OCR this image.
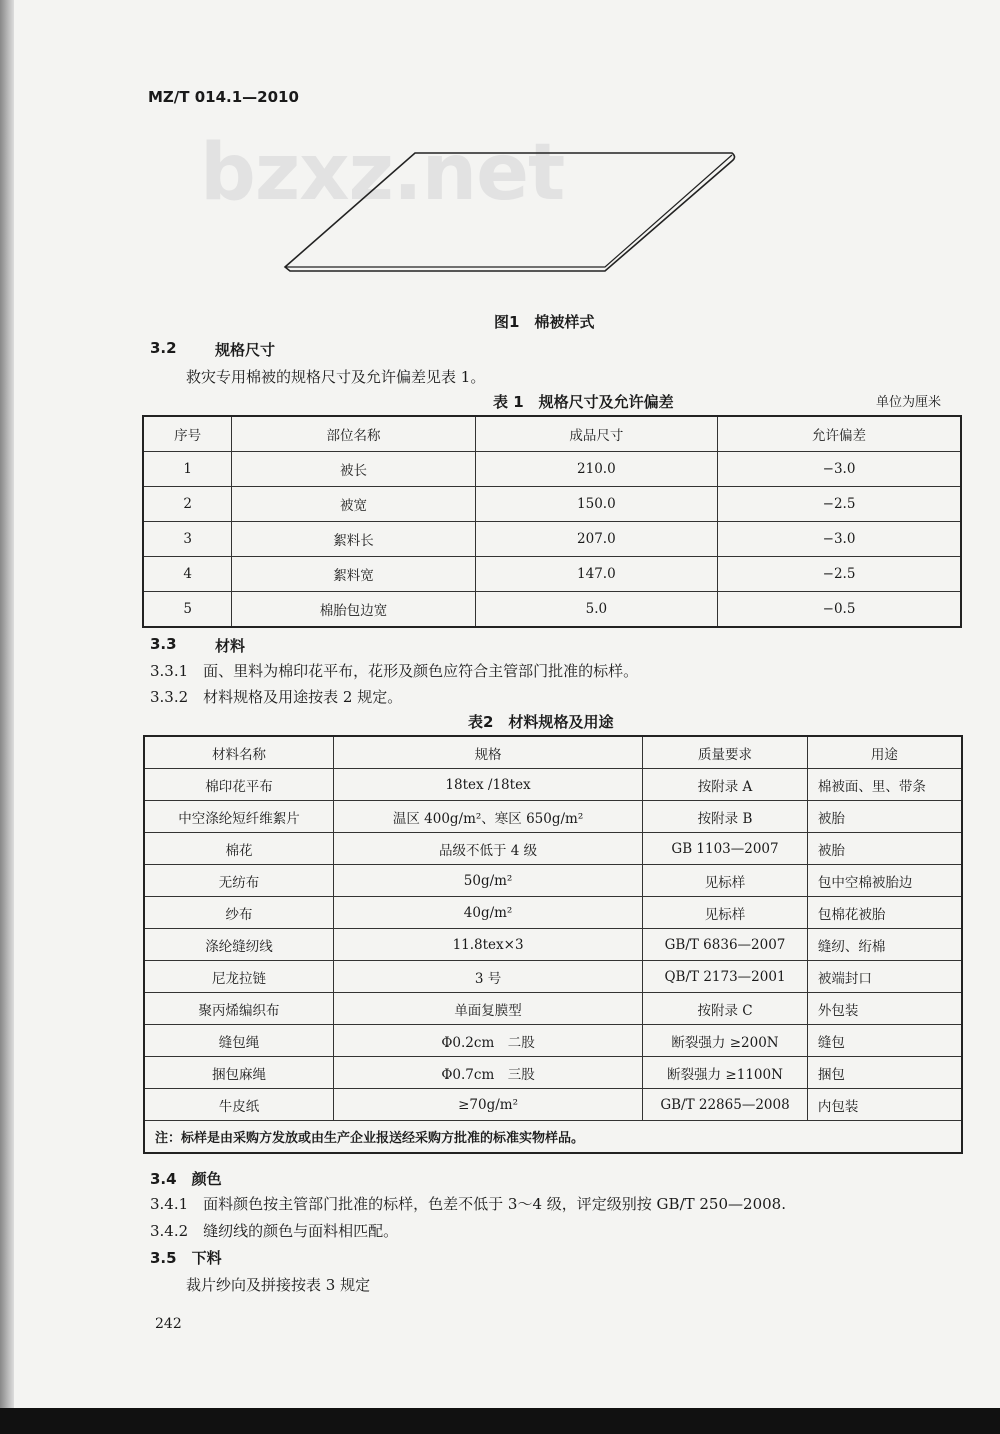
MZ/T 014.1—2010
bzxz.net
图1　棉被样式
3.2	规格尺寸
救灾专用棉被的规格尺寸及允许偏差见表 1。
表 1　规格尺寸及允许偏差	单位为厘米
序号	部位名称	成品尺寸	允许偏差
1	被长	210.0	−3.0
2	被宽	150.0	−2.5
3	絮料长	207.0	−3.0
4	絮料宽	147.0	−2.5
5	棉胎包边宽	5.0	−0.5
3.3	材料
3.3.1　面、里料为棉印花平布，花形及颜色应符合主管部门批准的标样。
3.3.2　材料规格及用途按表 2 规定。
表2　材料规格及用途
材料名称	规格	质量要求	用途
棉印花平布	18tex /18tex	按附录 A	棉被面、里、带条
中空涤纶短纤维絮片	温区 400g/m²、寒区 650g/m²	按附录 B	被胎
棉花	品级不低于 4 级	GB 1103—2007	被胎
无纺布	50g/m²	见标样	包中空棉被胎边
纱布	40g/m²	见标样	包棉花被胎
涤纶缝纫线	11.8tex×3	GB/T 6836—2007	缝纫、绗棉
尼龙拉链	3 号	QB/T 2173—2001	被端封口
聚丙烯编织布	单面复膜型	按附录 C	外包装
缝包绳	Φ0.2cm　二股	断裂强力 ≥200N	缝包
捆包麻绳	Φ0.7cm　三股	断裂强力 ≥1100N	捆包
牛皮纸	≥70g/m²	GB/T 22865—2008	内包装
注：标样是由采购方发放或由生产企业报送经采购方批准的标准实物样品。			
3.4　颜色
3.4.1　面料颜色按主管部门批准的标样，色差不低于 3～4 级，评定级别按 GB/T 250—2008.
3.4.2　缝纫线的颜色与面料相匹配。
3.5　下料
裁片纱向及拼接按表 3 规定
242
